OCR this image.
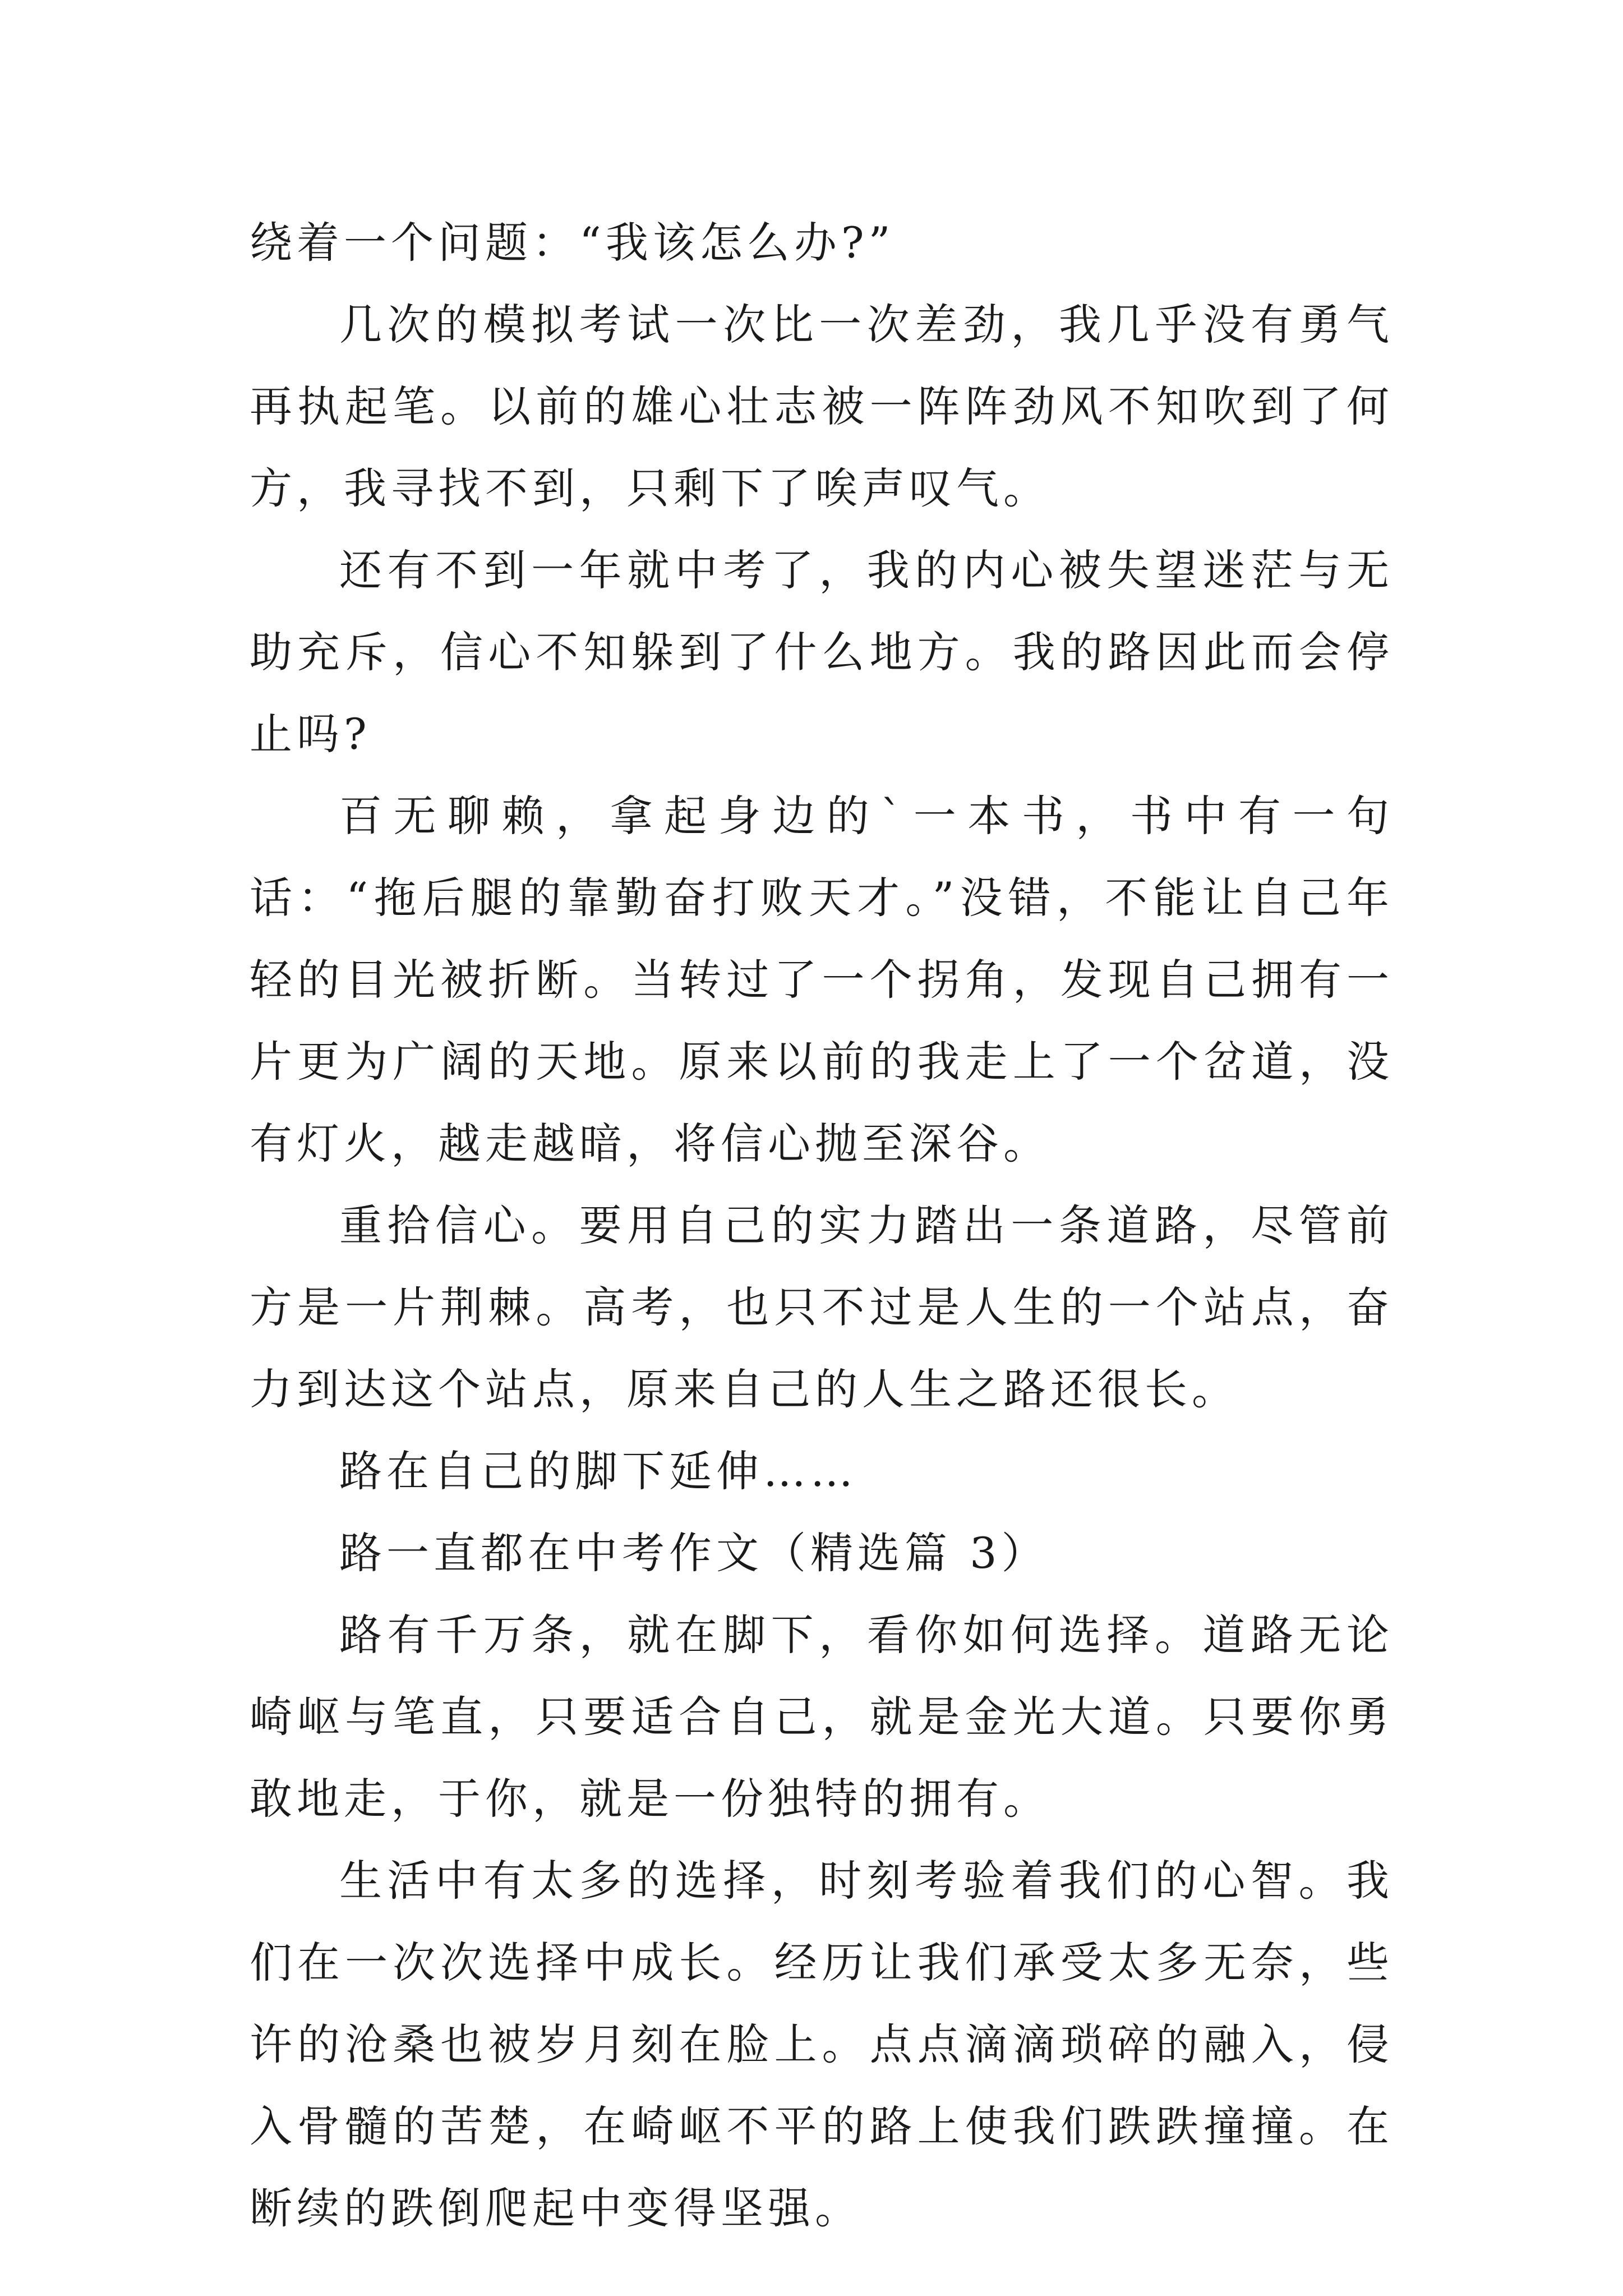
绕着一个问题：“我该怎么办?”

几次的模拟考试一次比一次差劲，我几乎没有勇气再执起笔。以前的雄心壮志被一阵阵劲风不知吹到了何方，我寻找不到，只剩下了唉声叹气。

还有不到一年就中考了，我的内心被失望迷茫与无助充斥，信心不知躲到了什么地方。我的路因此而会停止吗?

百无聊赖，拿起身边的`一本书，书中有一句话：“拖后腿的靠勤奋打败天才。”没错，不能让自己年轻的目光被折断。当转过了一个拐角，发现自己拥有一片更为广阔的天地。原来以前的我走上了一个岔道，没有灯火，越走越暗，将信心抛至深谷。

重拾信心。要用自己的实力踏出一条道路，尽管前方是一片荆棘。高考，也只不过是人生的一个站点，奋力到达这个站点，原来自己的人生之路还很长。

路在自己的脚下延伸……

路一直都在中考作文（精选篇 3）

路有千万条，就在脚下，看你如何选择。道路无论崎岖与笔直，只要适合自己，就是金光大道。只要你勇敢地走，于你，就是一份独特的拥有。

生活中有太多的选择，时刻考验着我们的心智。我们在一次次选择中成长。经历让我们承受太多无奈，些许的沧桑也被岁月刻在脸上。点点滴滴琐碎的融入，侵入骨髓的苦楚，在崎岖不平的路上使我们跌跌撞撞。在断续的跌倒爬起中变得坚强。
